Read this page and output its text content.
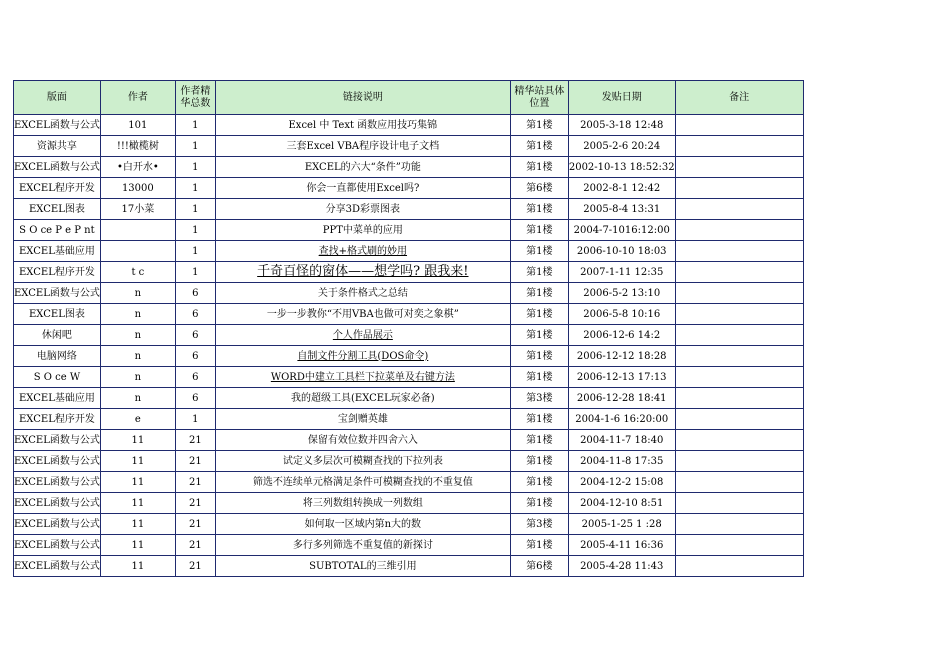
版面	作者	作者精华总数	链接说明	精华站具体位置	发贴日期	备注
EXCEL函数与公式	101	1	Excel 中 Text 函数应用技巧集锦	第1楼	2005-3-18 12:48	
资源共享	!!!橄榄树	1	三套Excel VBA程序设计电子文档	第1楼	2005-2-6 20:24	
EXCEL函数与公式	•白开水•	1	EXCEL的六大“条件”功能	第1楼	2002-10-13 18:52:32	
EXCEL程序开发	13000	1	你会一直都使用Excel吗?	第6楼	2002-8-1 12:42	
EXCEL图表	17小菜	1	分享3D彩票图表	第1楼	2005-8-4 13:31	
S O ce P e P nt		1	PPT中菜单的应用	第1楼	2004-7-1016:12:00	
EXCEL基础应用		1	查找+格式刷的妙用	第1楼	2006-10-10 18:03	
EXCEL程序开发	t c	1	千奇百怪的窗体——想学吗? 跟我来!	第1楼	2007-1-11 12:35	
EXCEL函数与公式	n	6	关于条件格式之总结	第1楼	2006-5-2 13:10	
EXCEL图表	n	6	一步一步教你“不用VBA也做可对奕之象棋”	第1楼	2006-5-8 10:16	
休闲吧	n	6	个人作品展示	第1楼	2006-12-6 14:2	
电脑网络	n	6	自制文件分割工具(DOS命令)	第1楼	2006-12-12 18:28	
S O ce W	n	6	WORD中建立工具栏下拉菜单及右键方法	第1楼	2006-12-13 17:13	
EXCEL基础应用	n	6	我的超级工具(EXCEL玩家必备)	第3楼	2006-12-28 18:41	
EXCEL程序开发	e	1	宝剑赠英雄	第1楼	2004-1-6 16:20:00	
EXCEL函数与公式	11	21	保留有效位数并四舍六入	第1楼	2004-11-7 18:40	
EXCEL函数与公式	11	21	试定义多层次可模糊查找的下拉列表	第1楼	2004-11-8 17:35	
EXCEL函数与公式	11	21	筛选不连续单元格满足条件可模糊查找的不重复值	第1楼	2004-12-2 15:08	
EXCEL函数与公式	11	21	将三列数组转换成一列数组	第1楼	2004-12-10 8:51	
EXCEL函数与公式	11	21	如何取一区域内第n大的数	第3楼	2005-1-25 1 :28	
EXCEL函数与公式	11	21	多行多列筛选不重复值的新探讨	第1楼	2005-4-11 16:36	
EXCEL函数与公式	11	21	SUBTOTAL的三维引用	第6楼	2005-4-28 11:43	
